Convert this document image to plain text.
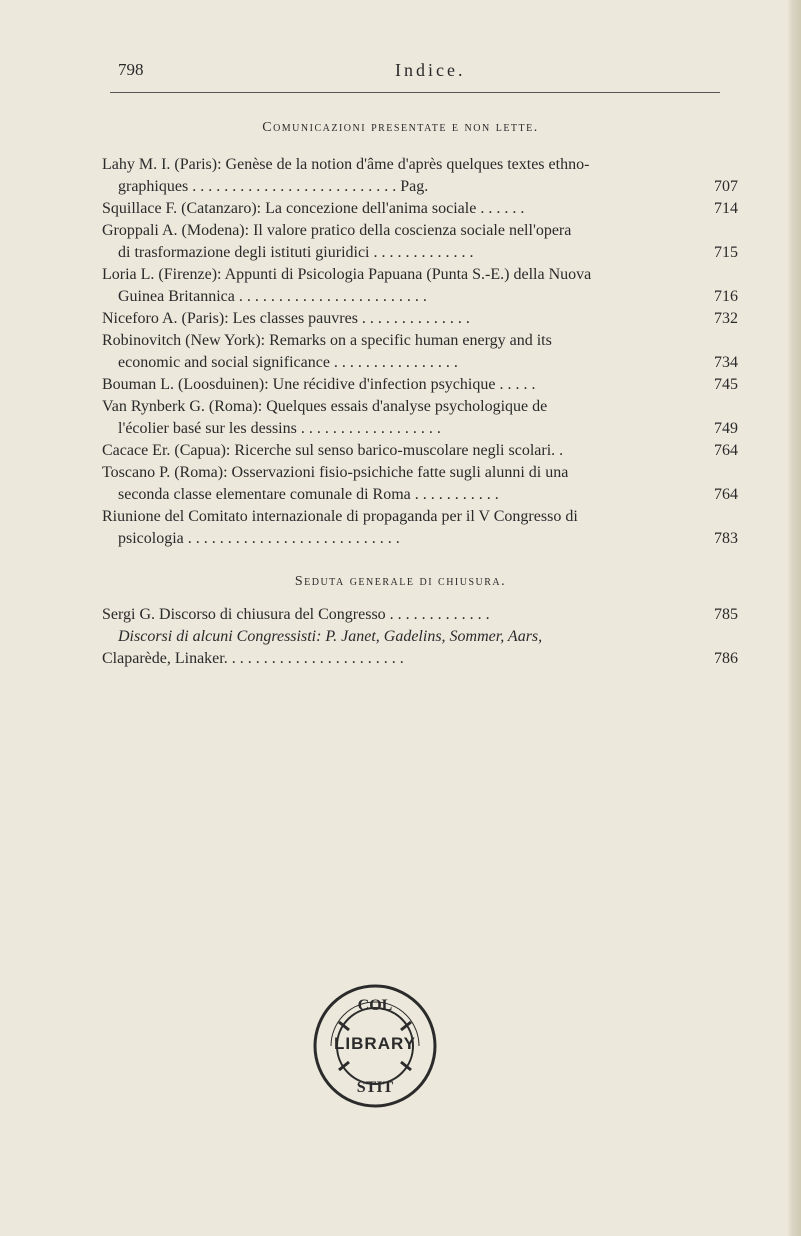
798	Indice.
Comunicazioni presentate e non lette.
Lahy M. I. (Paris): Genèse de la notion d'âme d'après quelques textes ethno-
graphiques . . . . . . . . . . . . . . . . . . . . . . . . . . Pag.	707
Squillace F. (Catanzaro): La concezione dell'anima sociale . . . . . .	714
Groppali A. (Modena): Il valore pratico della coscienza sociale nell'opera
di trasformazione degli istituti giuridici . . . . . . . . . . . . .	715
Loria L. (Firenze): Appunti di Psicologia Papuana (Punta S.-E.) della Nuova
Guinea Britannica . . . . . . . . . . . . . . . . . . . . . . . .	716
Niceforo A. (Paris): Les classes pauvres . . . . . . . . . . . . . .	732
Robinovitch (New York): Remarks on a specific human energy and its
economic and social significance . . . . . . . . . . . . . . . .	734
Bouman L. (Loosduinen): Une récidive d'infection psychique . . . . .	745
Van Rynberk G. (Roma): Quelques essais d'analyse psychologique de
l'écolier basé sur les dessins . . . . . . . . . . . . . . . . . .	749
Cacace Er. (Capua): Ricerche sul senso barico-muscolare negli scolari. .	764
Toscano P. (Roma): Osservazioni fisio-psichiche fatte sugli alunni di una
seconda classe elementare comunale di Roma . . . . . . . . . . .	764
Riunione del Comitato internazionale di propaganda per il V Congresso di
psicologia . . . . . . . . . . . . . . . . . . . . . . . . . . .	783
Seduta generale di chiusura.
Sergi G. Discorso di chiusura del Congresso . . . . . . . . . . . . .	785
Discorsi di alcuni Congressisti: P. Janet, Gadelins, Sommer, Aars,
Claparède, Linaker. . . . . . . . . . . . . . . . . . . . . . .	786
COL
STIT
LIBRARY
